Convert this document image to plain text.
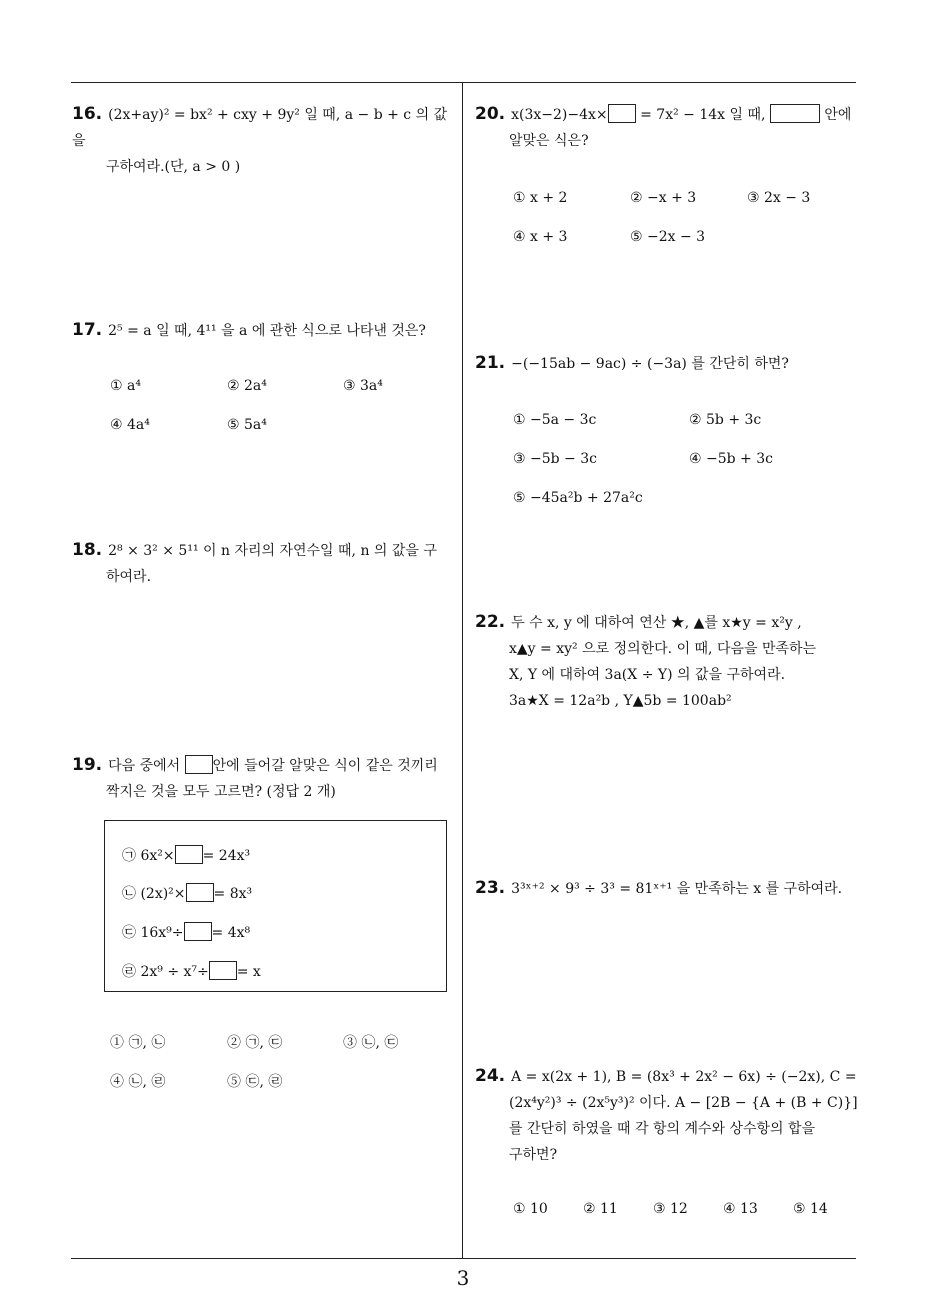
16. (2x+ay)² = bx² + cxy + 9y² 일 때, a − b + c 의 값을
구하여라.(단, a > 0 )
17. 2⁵ = a 일 때, 4¹¹ 을 a 에 관한 식으로 나타낸 것은?
① a⁴	② 2a⁴	③ 3a⁴
④ 4a⁴	⑤ 5a⁴
18. 2⁸ × 3² × 5¹¹ 이 n 자리의 자연수일 때, n 의 값을 구
하여라.
19. 다음 중에서 안에 들어갈 알맞은 식이 같은 것끼리
짝지은 것을 모두 고르면? (정답 2 개)
㉠ 6x²× = 24x³
㉡ (2x)²× = 8x³
㉢ 16x⁹÷ = 4x⁸
㉣ 2x⁹ ÷ x⁷÷ = x
① ㉠, ㉡	② ㉠, ㉢	③ ㉡, ㉢
④ ㉡, ㉣	⑤ ㉢, ㉣
20. x(3x−2)−4x× = 7x² − 14x 일 때,	안에
알맞은 식은?
① x + 2	② −x + 3	③ 2x − 3
④ x + 3	⑤ −2x − 3
21. −(−15ab − 9ac) ÷ (−3a) 를 간단히 하면?
① −5a − 3c	② 5b + 3c
③ −5b − 3c	④ −5b + 3c
⑤ −45a²b + 27a²c
22. 두 수 x, y 에 대하여 연산 ★, ▲를 x★y = x²y ,
x▲y = xy² 으로 정의한다. 이 때, 다음을 만족하는
X, Y 에 대하여 3a(X ÷ Y) 의 값을 구하여라.
3a★X = 12a²b , Y▲5b = 100ab²
23. 3³ˣ⁺² × 9³ ÷ 3³ = 81ˣ⁺¹ 을 만족하는 x 를 구하여라.
24. A = x(2x + 1), B = (8x³ + 2x² − 6x) ÷ (−2x), C =
(2x⁴y²)³ ÷ (2x⁵y³)² 이다. A − [2B − {A + (B + C)}]
를 간단히 하였을 때 각 항의 계수와 상수항의 합을
구하면?
① 10	② 11	③ 12	④ 13	⑤ 14
3
